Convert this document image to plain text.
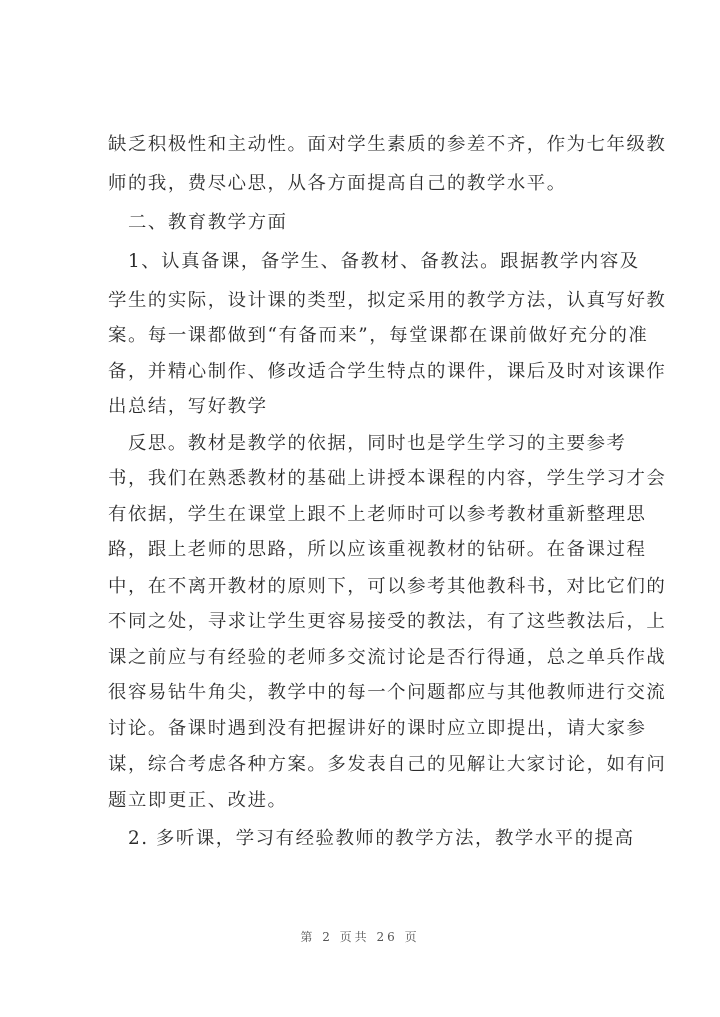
缺乏积极性和主动性。面对学生素质的参差不齐，作为七年级教
师的我，费尽心思，从各方面提高自己的教学水平。
　二、教育教学方面
　1、认真备课，备学生、备教材、备教法。跟据教学内容及
学生的实际，设计课的类型，拟定采用的教学方法，认真写好教
案。每一课都做到“有备而来”，每堂课都在课前做好充分的准
备，并精心制作、修改适合学生特点的课件，课后及时对该课作
出总结，写好教学
　反思。教材是教学的依据，同时也是学生学习的主要参考
书，我们在熟悉教材的基础上讲授本课程的内容，学生学习才会
有依据，学生在课堂上跟不上老师时可以参考教材重新整理思
路，跟上老师的思路，所以应该重视教材的钻研。在备课过程
中，在不离开教材的原则下，可以参考其他教科书，对比它们的
不同之处，寻求让学生更容易接受的教法，有了这些教法后，上
课之前应与有经验的老师多交流讨论是否行得通，总之单兵作战
很容易钻牛角尖，教学中的每一个问题都应与其他教师进行交流
讨论。备课时遇到没有把握讲好的课时应立即提出，请大家参
谋，综合考虑各种方案。多发表自己的见解让大家讨论，如有问
题立即更正、改进。
　2. 多听课，学习有经验教师的教学方法，教学水平的提高
第 2 页共 26 页
